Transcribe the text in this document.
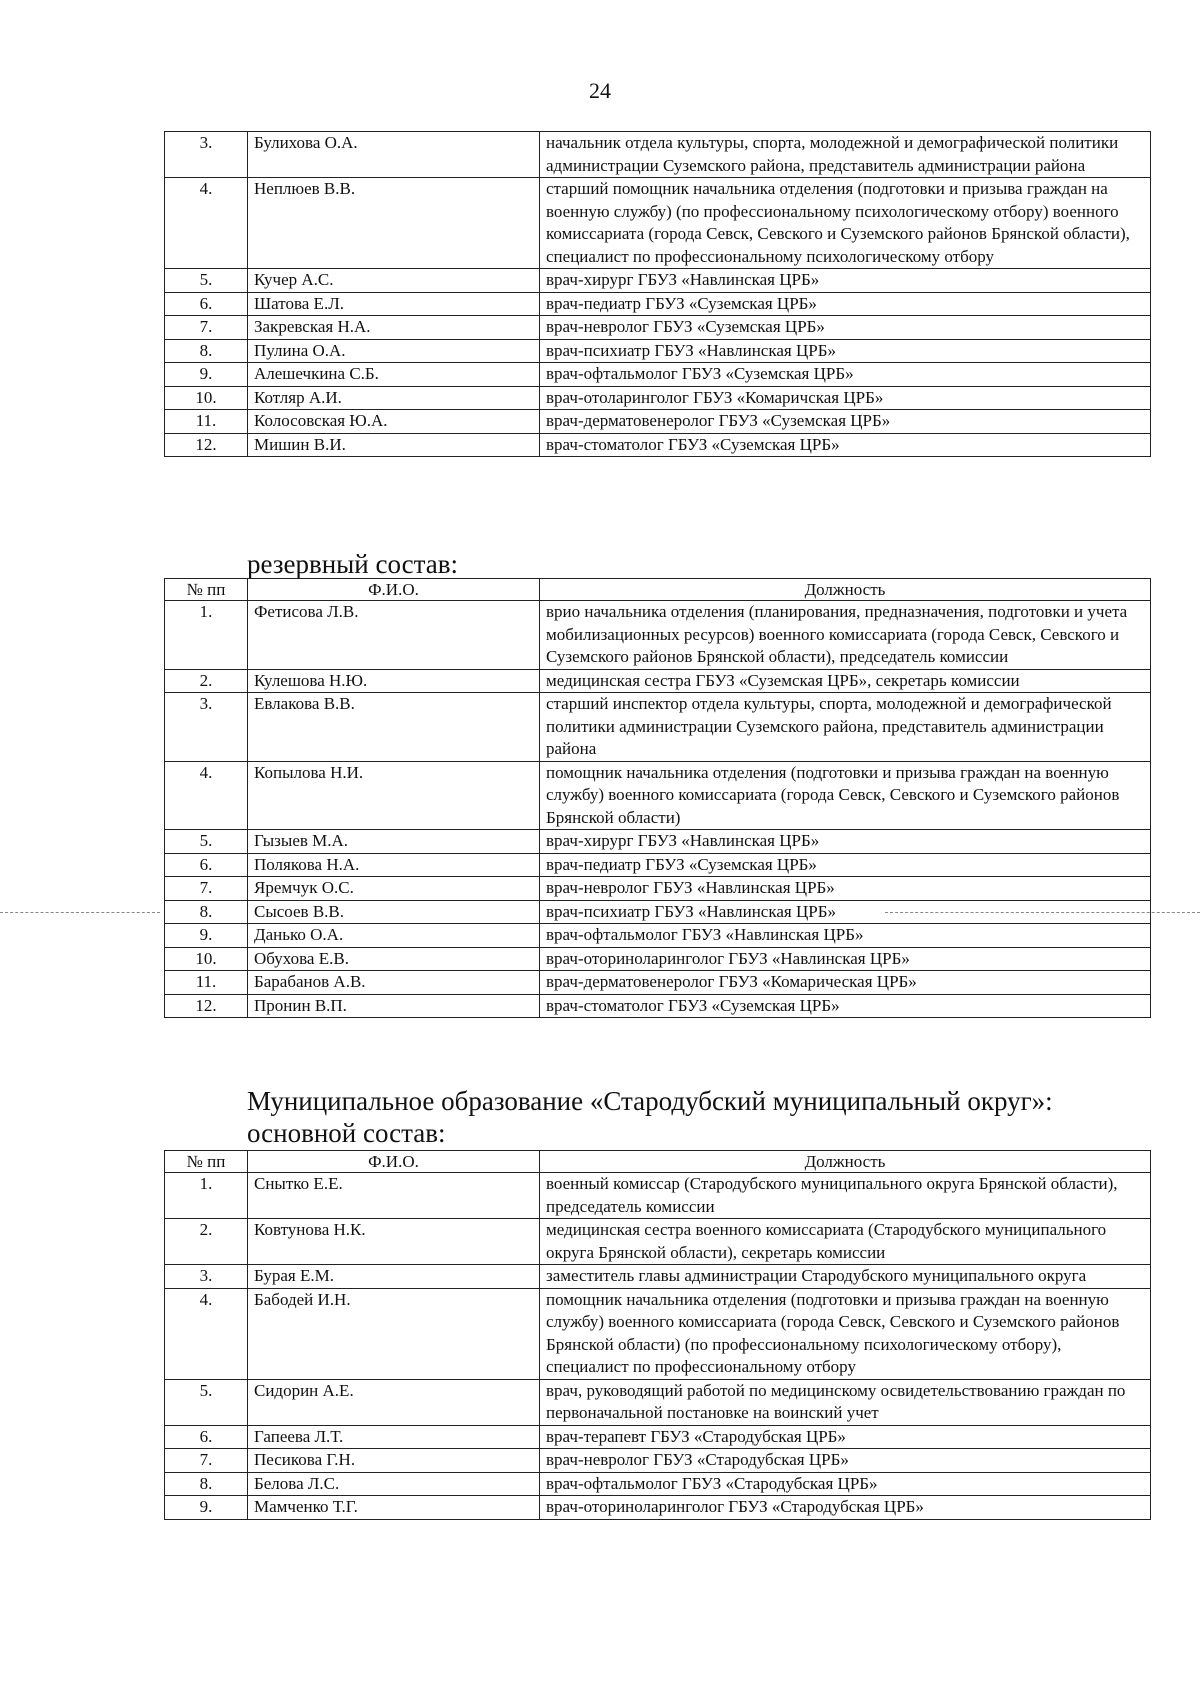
24
3.	Булихова О.А.	начальник отдела культуры, спорта, молодежной и демографической политики администрации Суземского района, представитель администрации района
4.	Неплюев В.В.	старший помощник начальника отделения (подготовки и призыва граждан на военную службу) (по профессиональному психологическому отбору) военного комиссариата (города Севск, Севского и Суземского районов Брянской области), специалист по профессиональному психологическому отбору
5.	Кучер А.С.	врач-хирург ГБУЗ «Навлинская ЦРБ»
6.	Шатова Е.Л.	врач-педиатр ГБУЗ «Суземская ЦРБ»
7.	Закревская Н.А.	врач-невролог ГБУЗ «Суземская ЦРБ»
8.	Пулина О.А.	врач-психиатр ГБУЗ «Навлинская ЦРБ»
9.	Алешечкина С.Б.	врач-офтальмолог ГБУЗ «Суземская ЦРБ»
10.	Котляр А.И.	врач-отоларинголог ГБУЗ «Комаричская ЦРБ»
11.	Колосовская Ю.А.	врач-дерматовенеролог ГБУЗ «Суземская ЦРБ»
12.	Мишин В.И.	врач-стоматолог ГБУЗ «Суземская ЦРБ»
резервный состав:
№ пп	Ф.И.О.	Должность
1.	Фетисова Л.В.	врио начальника отделения (планирования, предназначения, подготовки и учета мобилизационных ресурсов) военного комиссариата (города Севск, Севского и Суземского районов Брянской области), председатель комиссии
2.	Кулешова Н.Ю.	медицинская сестра ГБУЗ «Суземская ЦРБ», секретарь комиссии
3.	Евлакова В.В.	старший инспектор отдела культуры, спорта, молодежной и демографической политики администрации Суземского района, представитель администрации района
4.	Копылова Н.И.	помощник начальника отделения (подготовки и призыва граждан на военную службу) военного комиссариата (города Севск, Севского и Суземского районов Брянской области)
5.	Гызыев М.А.	врач-хирург ГБУЗ «Навлинская ЦРБ»
6.	Полякова Н.А.	врач-педиатр ГБУЗ «Суземская ЦРБ»
7.	Яремчук О.С.	врач-невролог ГБУЗ «Навлинская ЦРБ»
8.	Сысоев В.В.	врач-психиатр ГБУЗ «Навлинская ЦРБ»
9.	Данько О.А.	врач-офтальмолог ГБУЗ «Навлинская ЦРБ»
10.	Обухова Е.В.	врач-оториноларинголог ГБУЗ «Навлинская ЦРБ»
11.	Барабанов А.В.	врач-дерматовенеролог ГБУЗ «Комарическая ЦРБ»
12.	Пронин В.П.	врач-стоматолог ГБУЗ «Суземская ЦРБ»
Муниципальное образование «Стародубский муниципальный округ»:
основной состав:
№ пп	Ф.И.О.	Должность
1.	Снытко Е.Е.	военный комиссар (Стародубского муниципального округа Брянской области), председатель комиссии
2.	Ковтунова Н.К.	медицинская сестра военного комиссариата (Стародубского муниципального округа Брянской области), секретарь комиссии
3.	Бурая Е.М.	заместитель главы администрации Стародубского муниципального округа
4.	Бабодей И.Н.	помощник начальника отделения (подготовки и призыва граждан на военную службу) военного комиссариата (города Севск, Севского и Суземского районов Брянской области) (по профессиональному психологическому отбору), специалист по профессиональному отбору
5.	Сидорин А.Е.	врач, руководящий работой по медицинскому освидетельствованию граждан по первоначальной постановке на воинский учет
6.	Гапеева Л.Т.	врач-терапевт ГБУЗ «Стародубская ЦРБ»
7.	Песикова Г.Н.	врач-невролог ГБУЗ «Стародубская ЦРБ»
8.	Белова Л.С.	врач-офтальмолог ГБУЗ «Стародубская ЦРБ»
9.	Мамченко Т.Г.	врач-оториноларинголог ГБУЗ «Стародубская ЦРБ»
